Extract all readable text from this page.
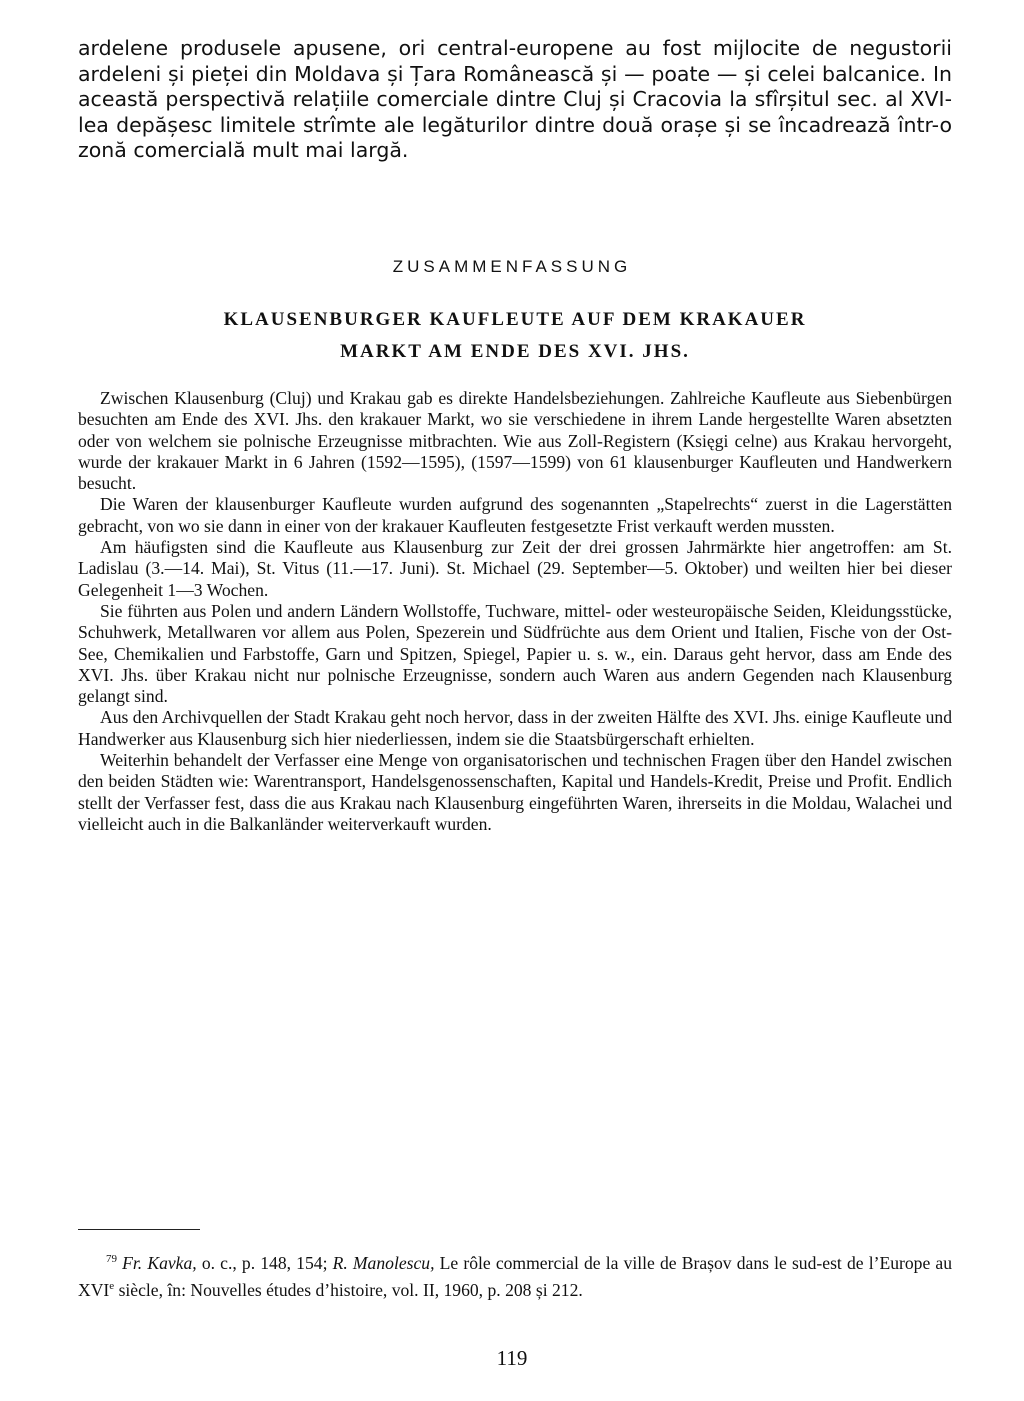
ardelene produsele apusene, ori central-europene au fost mijlocite de negustorii ardeleni și pieței din Moldava și Țara Românească și — poate — și celei balcanice. In această perspectivă relațiile comerciale dintre Cluj și Cracovia la sfîrșitul sec. al XVI-lea depășesc limitele strîmte ale legăturilor dintre două orașe și se încadrează într-o zonă comercială mult mai largă.
ZUSAMMENFASSUNG
KLAUSENBURGER KAUFLEUTE AUF DEM KRAKAUER
MARKT AM ENDE DES XVI. JHS.

Zwischen Klausenburg (Cluj) und Krakau gab es direkte Handelsbeziehungen. Zahlreiche Kaufleute aus Siebenbürgen besuchten am Ende des XVI. Jhs. den krakauer Markt, wo sie verschiedene in ihrem Lande hergestellte Waren absetzten oder von welchem sie polnische Erzeugnisse mitbrachten. Wie aus Zoll-Registern (Księgi celne) aus Krakau hervorgeht, wurde der krakauer Markt in 6 Jahren (1592—1595), (1597—1599) von 61 klausenburger Kaufleuten und Handwerkern besucht.

Die Waren der klausenburger Kaufleute wurden aufgrund des sogenannten „Stapelrechts“ zuerst in die Lagerstätten gebracht, von wo sie dann in einer von der krakauer Kaufleuten festgesetzte Frist verkauft werden mussten.

Am häufigsten sind die Kaufleute aus Klausenburg zur Zeit der drei grossen Jahrmärkte hier angetroffen: am St. Ladislau (3.—14. Mai), St. Vitus (11.—17. Juni). St. Michael (29. September—5. Oktober) und weilten hier bei dieser Gelegenheit 1—3 Wochen.

Sie führten aus Polen und andern Ländern Wollstoffe, Tuchware, mittel- oder westeuropäische Seiden, Kleidungsstücke, Schuhwerk, Metallwaren vor allem aus Polen, Spezerein und Südfrüchte aus dem Orient und Italien, Fische von der Ost-See, Chemikalien und Farbstoffe, Garn und Spitzen, Spiegel, Papier u. s. w., ein. Daraus geht hervor, dass am Ende des XVI. Jhs. über Krakau nicht nur polnische Erzeugnisse, sondern auch Waren aus andern Gegenden nach Klausenburg gelangt sind.

Aus den Archivquellen der Stadt Krakau geht noch hervor, dass in der zweiten Hälfte des XVI. Jhs. einige Kaufleute und Handwerker aus Klausenburg sich hier niederliessen, indem sie die Staatsbürgerschaft erhielten.

Weiterhin behandelt der Verfasser eine Menge von organisatorischen und technischen Fragen über den Handel zwischen den beiden Städten wie: Warentransport, Handelsgenossenschaften, Kapital und Handels-Kredit, Preise und Profit. Endlich stellt der Verfasser fest, dass die aus Krakau nach Klausenburg eingeführten Waren, ihrerseits in die Moldau, Walachei und vielleicht auch in die Balkanländer weiterverkauft wurden.

$^{79}$ Fr. Kavka, o. c., p. 148, 154; R. Manolescu, Le rôle commercial de la ville de Brașov dans le sud-est de l’Europe au XVIe siècle, în: Nouvelles études d’histoire, vol. II, 1960, p. 208 și 212.
119
